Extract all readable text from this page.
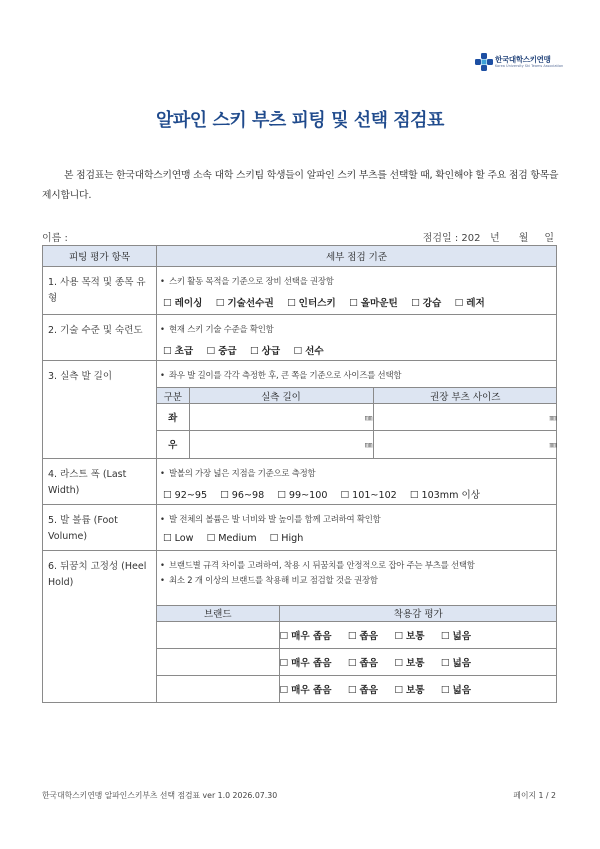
한국대학스키연맹
Korea University Ski Teams Association
알파인 스키 부츠 피팅 및 선택 점검표
본 점검표는 한국대학스키연맹 소속 대학 스키팀 학생들이 알파인 스키 부츠를 선택할 때, 확인해야 할 주요 점검 항목을 제시합니다.
이름 :	점검일 : 202   년      월     일
피팅 평가 항목	세부 점검 기준

1. 사용 목적 및 종목 유형

• 스키 활동 목적을 기준으로 장비 선택을 권장함
☐ 레이싱 ☐ 기술선수권 ☐ 인터스키 ☐ 올마운틴 ☐ 강습 ☐ 레저

2. 기술 수준 및 숙련도

•현재 스키 기술 수준을 확인함
☐ 초급 ☐ 중급 ☐ 상급 ☐ 선수

3. 실측 발 길이

•좌우 발 길이를 각각 측정한 후, 큰 쪽을 기준으로 사이즈를 선택함
구분	실측 길이	권장 부츠 사이즈
좌	㎜	㎜
우	㎜	㎜

4. 라스트 폭 (Last Width)

• 발볼의 가장 넓은 지점을 기준으로 측정함
☐ 92~95 ☐ 96~98 ☐ 99~100 ☐ 101~102 ☐ 103mm 이상

5. 발 볼륨 (Foot Volume)

• 발 전체의 볼륨은 발 너비와 발 높이를 함께 고려하여 확인함
☐ Low ☐ Medium ☐ High

6. 뒤꿈치 고정성 (Heel Hold)

• 브랜드별 규격 차이를 고려하여, 착용 시 뒤꿈치를 안정적으로 잡아 주는 부츠를 선택함
• 최소 2 개 이상의 브랜드를 착용해 비교 점검할 것을 권장함
브랜드	착용감 평가
	☐ 매우 좁음 ☐ 좁음 ☐ 보통 ☐ 넓음
	☐ 매우 좁음 ☐ 좁음 ☐ 보통 ☐ 넓음
	☐ 매우 좁음 ☐ 좁음 ☐ 보통 ☐ 넓음
한국대학스키연맹 알파인스키부츠 선택 점검표 ver 1.0 2026.07.30	페이지 1 / 2
